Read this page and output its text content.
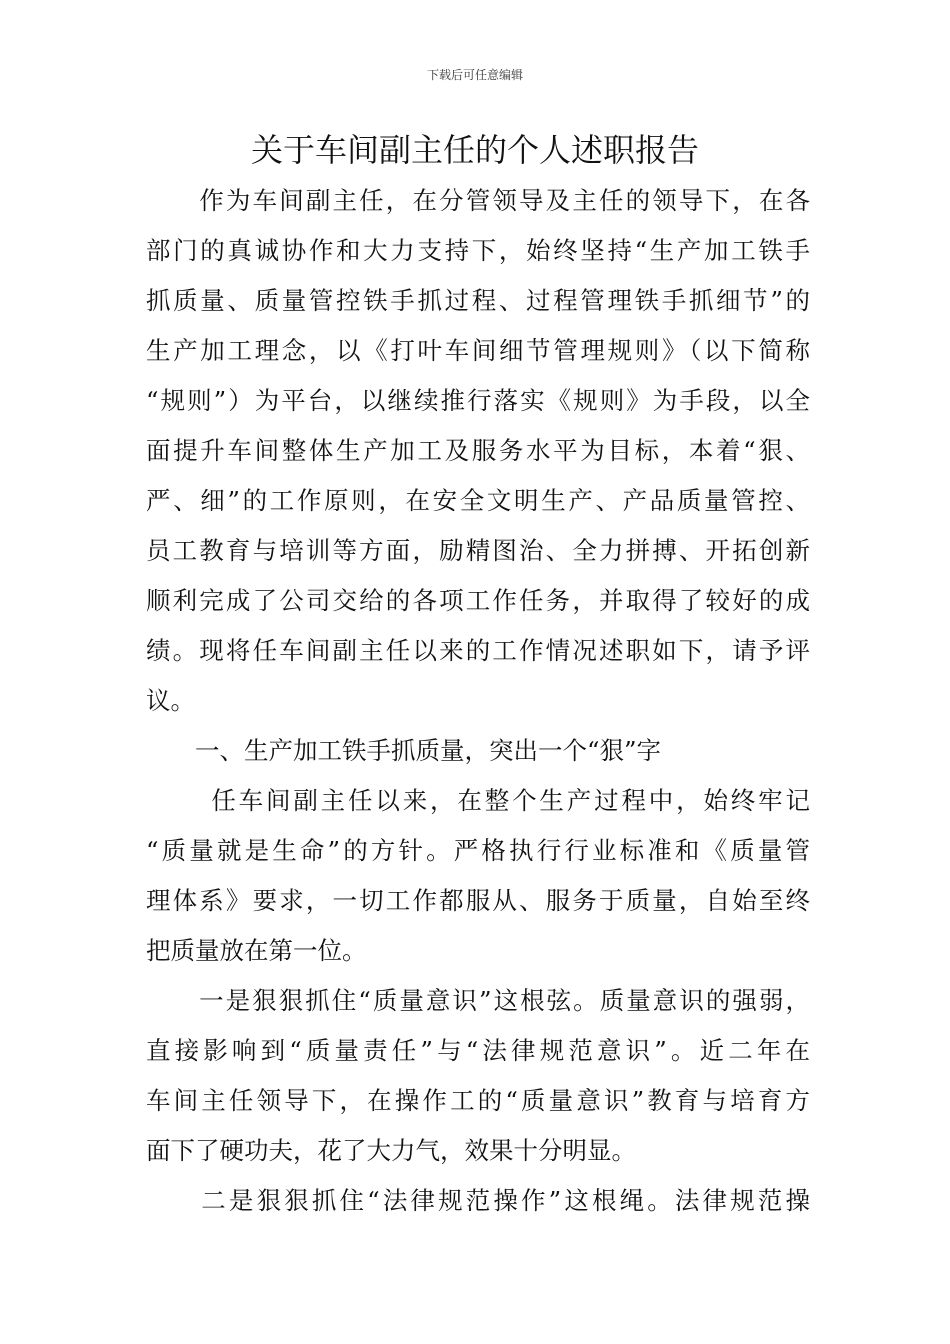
下载后可任意编辑
关于车间副主任的个人述职报告
　　作为车间副主任，在分管领导及主任的领导下，在各
部门的真诚协作和大力支持下，始终坚持“生产加工铁手
抓质量、质量管控铁手抓过程、过程管理铁手抓细节”的
生产加工理念，以《打叶车间细节管理规则》（以下简称
“规则”）为平台，以继续推行落实《规则》为手段，以全
面提升车间整体生产加工及服务水平为目标，本着“狠、
严、细”的工作原则，在安全文明生产、产品质量管控、
员工教育与培训等方面，励精图治、全力拼搏、开拓创新
顺利完成了公司交给的各项工作任务，并取得了较好的成
绩。现将任车间副主任以来的工作情况述职如下，请予评
议。
　　一、生产加工铁手抓质量，突出一个“狠”字
　　 任车间副主任以来，在整个生产过程中，始终牢记
“质量就是生命”的方针。严格执行行业标准和《质量管
理体系》要求，一切工作都服从、服务于质量，自始至终
把质量放在第一位。
　　一是狠狠抓住“质量意识”这根弦。质量意识的强弱，
直接影响到“质量责任”与“法律规范意识”。近二年在
车间主任领导下，在操作工的“质量意识”教育与培育方
面下了硬功夫，花了大力气，效果十分明显。
　　二是狠狠抓住“法律规范操作”这根绳。法律规范操
